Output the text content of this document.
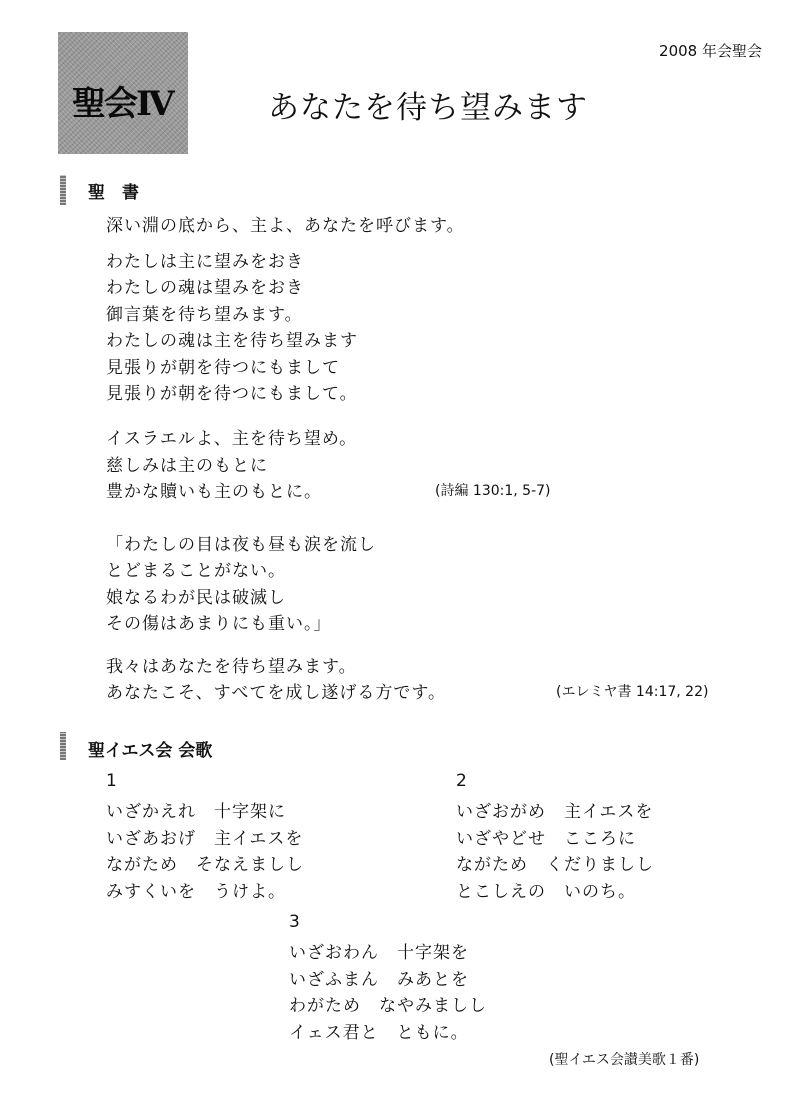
2008 年会聖会
聖会Ⅳ	あなたを待ち望みます
聖　書
深い淵の底から、主よ、あなたを呼びます。
わたしは主に望みをおき
わたしの魂は望みをおき
御言葉を待ち望みます。
わたしの魂は主を待ち望みます
見張りが朝を待つにもまして
見張りが朝を待つにもまして。
イスラエルよ、主を待ち望め。
慈しみは主のもとに
豊かな贖いも主のもとに。	(詩編 130:1, 5-7)
「わたしの目は夜も昼も涙を流し
とどまることがない。
娘なるわが民は破滅し
その傷はあまりにも重い。」
我々はあなたを待ち望みます。
あなたこそ、すべてを成し遂げる方です。	(エレミヤ書 14:17, 22)
聖イエス会 会歌
1
いざかえれ　十字架に
いざあおげ　主イエスを
ながため　そなえましし
みすくいを　うけよ。
2
いざおがめ　主イエスを
いざやどせ　こころに
ながため　くだりましし
とこしえの　いのち。
3
いざおわん　十字架を
いざふまん　みあとを
わがため　なやみましし
イェス君と　ともに。
(聖イエス会讃美歌１番)
